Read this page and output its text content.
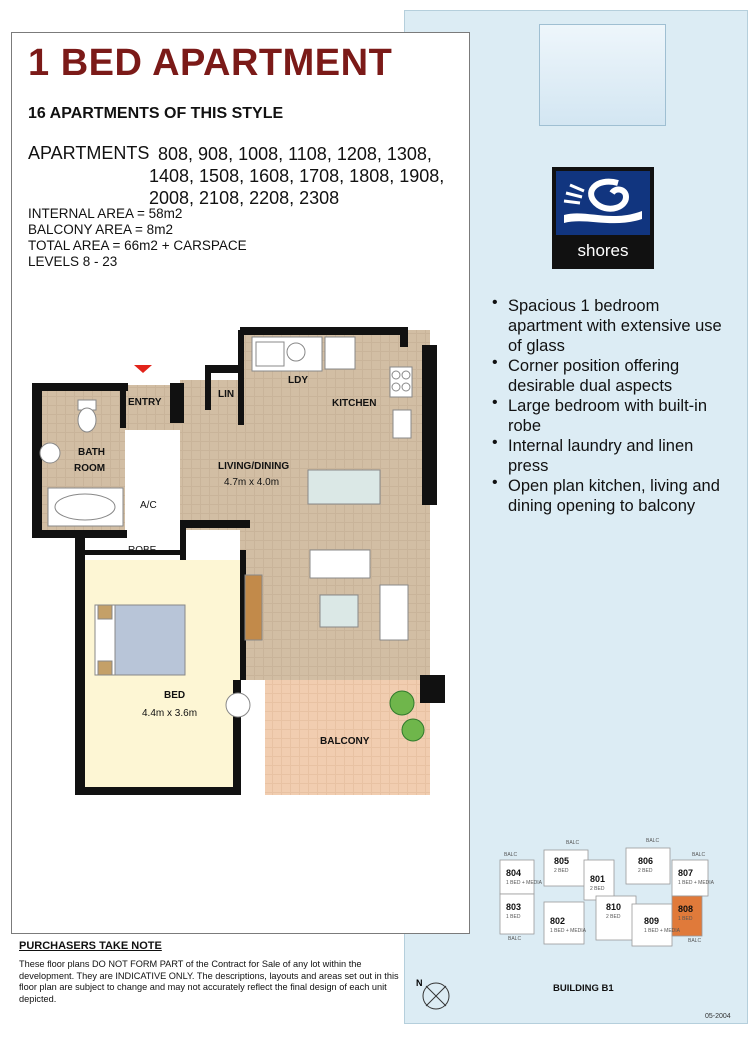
1 BED APARTMENT
16 APARTMENTS OF THIS STYLE
APARTMENTS 808, 908, 1008, 1108, 1208, 1308,
1408, 1508, 1608, 1708, 1808, 1908,
2008, 2108, 2208, 2308
INTERNAL AREA = 58m2
BALCONY AREA = 8m2
TOTAL AREA = 66m2 + CARSPACE
LEVELS 8 - 23
shores
• Spacious 1 bedroom apartment with extensive use of glass
• Corner position offering desirable dual aspects
• Large bedroom with built-in robe
• Internal laundry and linen press
• Open plan kitchen, living and dining opening to balcony
ENTRY
LIN
LDY
KITCHEN
BATH
ROOM	LIVING/DINING
4.7m x 4.0m
A/C
ROBE
BED
4.4m x 3.6m
BALCONY
PURCHASERS TAKE NOTE
These floor plans DO NOT FORM PART of the Contract for Sale of any lot within the development. They are INDICATIVE ONLY. The descriptions, layouts and areas set out in this floor plan are subject to change and may not accurately reflect the final design of each unit depicted.
N
804
805
801
806
807
803
802
810
809
808
1 BED + MEDIA
2 BED
2 BED
2 BED
1 BED + MEDIA
1 BED
1 BED + MEDIA
2 BED
1 BED + MEDIA
1 BED
BALC	BALC
BALC	BALC
BALC	BALC
BUILDING B1
05-2004
